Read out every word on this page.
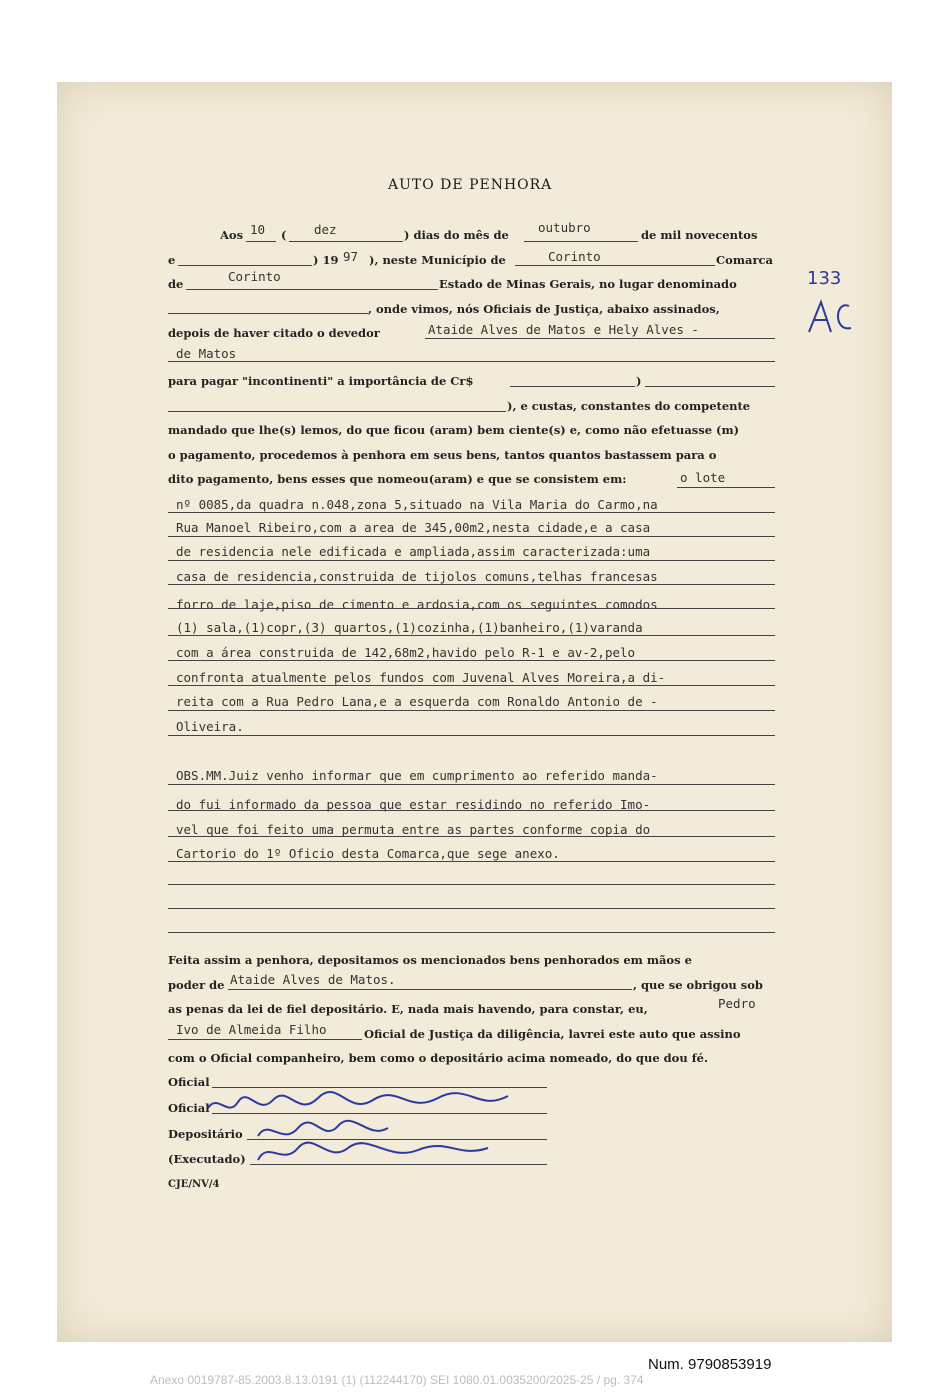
AUTO DE PENHORA
Aos 10 ( dez	) dias do mês de outubro	de mil novecentos
e	) 19 97 ), neste Município de	Corinto	Comarca
de	Corinto	Estado de Minas Gerais, no lugar denominado
, onde vimos, nós Oficiais de Justiça, abaixo assinados,
depois de haver citado o devedor	Ataide Alves de Matos e Hely Alves -
de Matos
para pagar "incontinenti" a importância de Cr$	)
), e custas, constantes do competente
mandado que lhe(s) lemos, do que ficou (aram) bem ciente(s) e, como não efetuasse (m)
o pagamento, procedemos à penhora em seus bens, tantos quantos bastassem para o
dito pagamento, bens esses que nomeou(aram) e que se consistem em:	o lote
nº 0085,da quadra n.048,zona 5,situado na Vila Maria do Carmo,na
Rua Manoel Ribeiro,com a area de 345,00m2,nesta cidade,e a casa
de residencia nele edificada e ampliada,assim caracterizada:uma
casa de residencia,construida de tijolos comuns,telhas francesas
forro de laje,piso de cimento e ardosia,com os seguintes comodos
(1) sala,(1)copr,(3) quartos,(1)cozinha,(1)banheiro,(1)varanda
com a área construida de 142,68m2,havido pelo R-1 e av-2,pelo
confronta atualmente pelos fundos com Juvenal Alves Moreira,a di-
reita com a Rua Pedro Lana,e a esquerda com Ronaldo Antonio de -
Oliveira.
OBS.MM.Juiz venho informar que em cumprimento ao referido manda-
do fui informado da pessoa que estar residindo no referido Imo-
vel que foi feito uma permuta entre as partes conforme copia do
Cartorio do 1º Oficio desta Comarca,que sege anexo.
Feita assim a penhora, depositamos os mencionados bens penhorados em mãos e
poder de Ataide Alves de Matos.	, que se obrigou sob
as penas da lei de fiel depositário. E, nada mais havendo, para constar, eu,	Pedro
Ivo de Almeida Filho	Oficial de Justiça da diligência, lavrei este auto que assino
com o Oficial companheiro, bem como o depositário acima nomeado, do que dou fé.
Oficial
Oficial
Depositário
(Executado)
CJE/NV/4
133
Num. 9790853919
Anexo 0019787-85.2003.8.13.0191 (1) (112244170) SEI 1080.01.0035200/2025-25 / pg. 374
